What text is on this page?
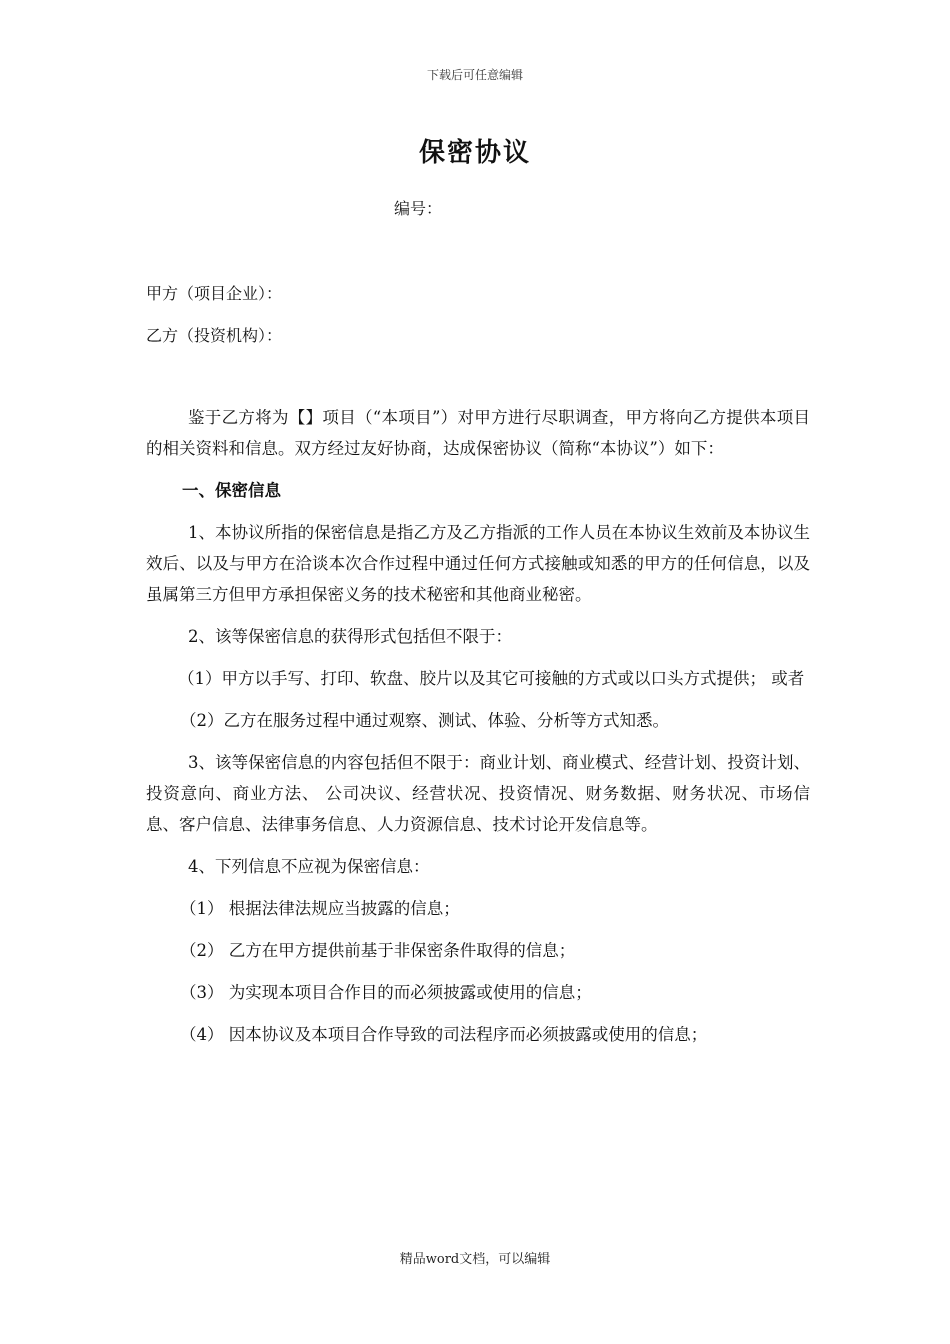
下载后可任意编辑
保密协议
编号：
甲方（项目企业）：
乙方（投资机构）：

鉴于乙方将为【】项目（“本项目”）对甲方进行尽职调查，甲方将向乙方提供本项目的相关资料和信息。双方经过友好协商，达成保密协议（简称“本协议”）如下：

一、保密信息

1、本协议所指的保密信息是指乙方及乙方指派的工作人员在本协议生效前及本协议生效后、以及与甲方在洽谈本次合作过程中通过任何方式接触或知悉的甲方的任何信息，以及虽属第三方但甲方承担保密义务的技术秘密和其他商业秘密。

2、该等保密信息的获得形式包括但不限于：

（1）甲方以手写、打印、软盘、胶片以及其它可接触的方式或以口头方式提供； 或者

（2）乙方在服务过程中通过观察、测试、体验、分析等方式知悉。

3、该等保密信息的内容包括但不限于：商业计划、商业模式、经营计划、投资计划、投资意向、商业方法、 公司决议、经营状况、投资情况、财务数据、财务状况、市场信息、客户信息、法律事务信息、人力资源信息、技术讨论开发信息等。

4、下列信息不应视为保密信息：

（1） 根据法律法规应当披露的信息；

（2） 乙方在甲方提供前基于非保密条件取得的信息；

（3） 为实现本项目合作目的而必须披露或使用的信息；

（4） 因本协议及本项目合作导致的司法程序而必须披露或使用的信息；

精品word文档，可以编辑
